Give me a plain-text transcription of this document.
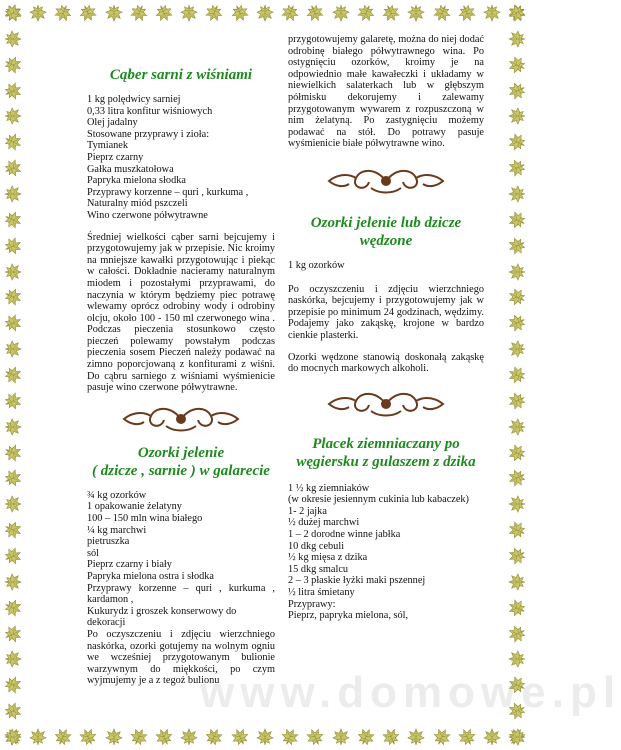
www.domowe.pl
Cąber sarni z wiśniami

1 kg polędwicy sarniej

0,33 litra konfitur wiśniowych

Olej jadalny

Stosowane przyprawy i zioła:

Tymianek

Pieprz czarny

Gałka muszkatołowa

Papryka mielona słodka

Przyprawy korzenne – quri , kurkuma ,

Naturalny miód pszczeli

Wino czerwone półwytrawne

Średniej wielkości cąber sarni bejcujemy i przygotowujemy jak w przepisie. Nic kroimy na mniejsze kawałki przygotowując i piekąc w całości. Dokładnie nacieramy naturalnym miodem i pozostałymi przyprawami, do naczynia w którym będziemy piec potrawę wlewamy oprócz odrobiny wody i odrobiny olcju, około 100 - 150 ml czerwonego wina . Podczas pieczenia stosunkowo często pieczeń polewamy powstałym podczas pieczenia sosem Pieczeń należy podawać na zimno poporcjowaną z konfiturami z wiśni. Do cąbru sarniego z wiśniami wyśmienicie pasuje wino czerwone półwytrawne.

Ozorki jelenie
( dzicze , sarnie ) w galarecie

¾ kg ozorków

1 opakowanie żelatyny

100 – 150 mln wina białego

¼ kg marchwi

pietruszka

sól

Pieprz czarny i biały

Papryka mielona ostra i słodka

Przyprawy korzenne – quri , kurkuma , kardamon ,

Kukurydz i groszek konserwowy do dekoracji

Po oczyszczeniu i zdjęciu wierzchniego naskórka, ozorki gotujemy na wolnym ogniu we wcześniej przygotowanym bulionie warzywnym do miękkości, po czym wyjmujemy je a z tegoż bulionu

przygotowujemy galaretę, można do niej dodać odrobinę białego półwytrawnego wina. Po ostygnięciu ozorków, kroimy je na odpowiednio małe kawałeczki i układamy w niewielkich salaterkach lub w głębszym półmisku dekorujemy i zalewamy przygotowanym wywarem z rozpuszczoną w nim żelatyną. Po zastygnięciu możemy podawać na stół. Do potrawy pasuje wyśmienicie białe półwytrawne wino.

Ozorki jelenie lub dzicze
wędzone

1 kg ozorków

Po oczyszczeniu i zdjęciu wierzchniego naskórka, bejcujemy i przygotowujemy jak w przepisie po minimum 24 godzinach, wędzimy. Podajemy jako zakąskę, krojone w bardzo cienkie plasterki.

Ozorki wędzone stanowią doskonałą zakąskę do mocnych markowych alkoholi.

Placek ziemniaczany po
węgiersku z gulaszem z dzika

1 ½ kg ziemniaków

(w okresie jesiennym cukinia lub kabaczek)

1- 2 jajka

½ dużej marchwi

1 – 2 dorodne winne jabłka

10 dkg cebuli

½ kg mięsa z dzika

15 dkg smalcu

2 – 3 płaskie łyżki maki pszennej

½ litra śmietany

Przyprawy:

Pieprz, papryka mielona, sól,
